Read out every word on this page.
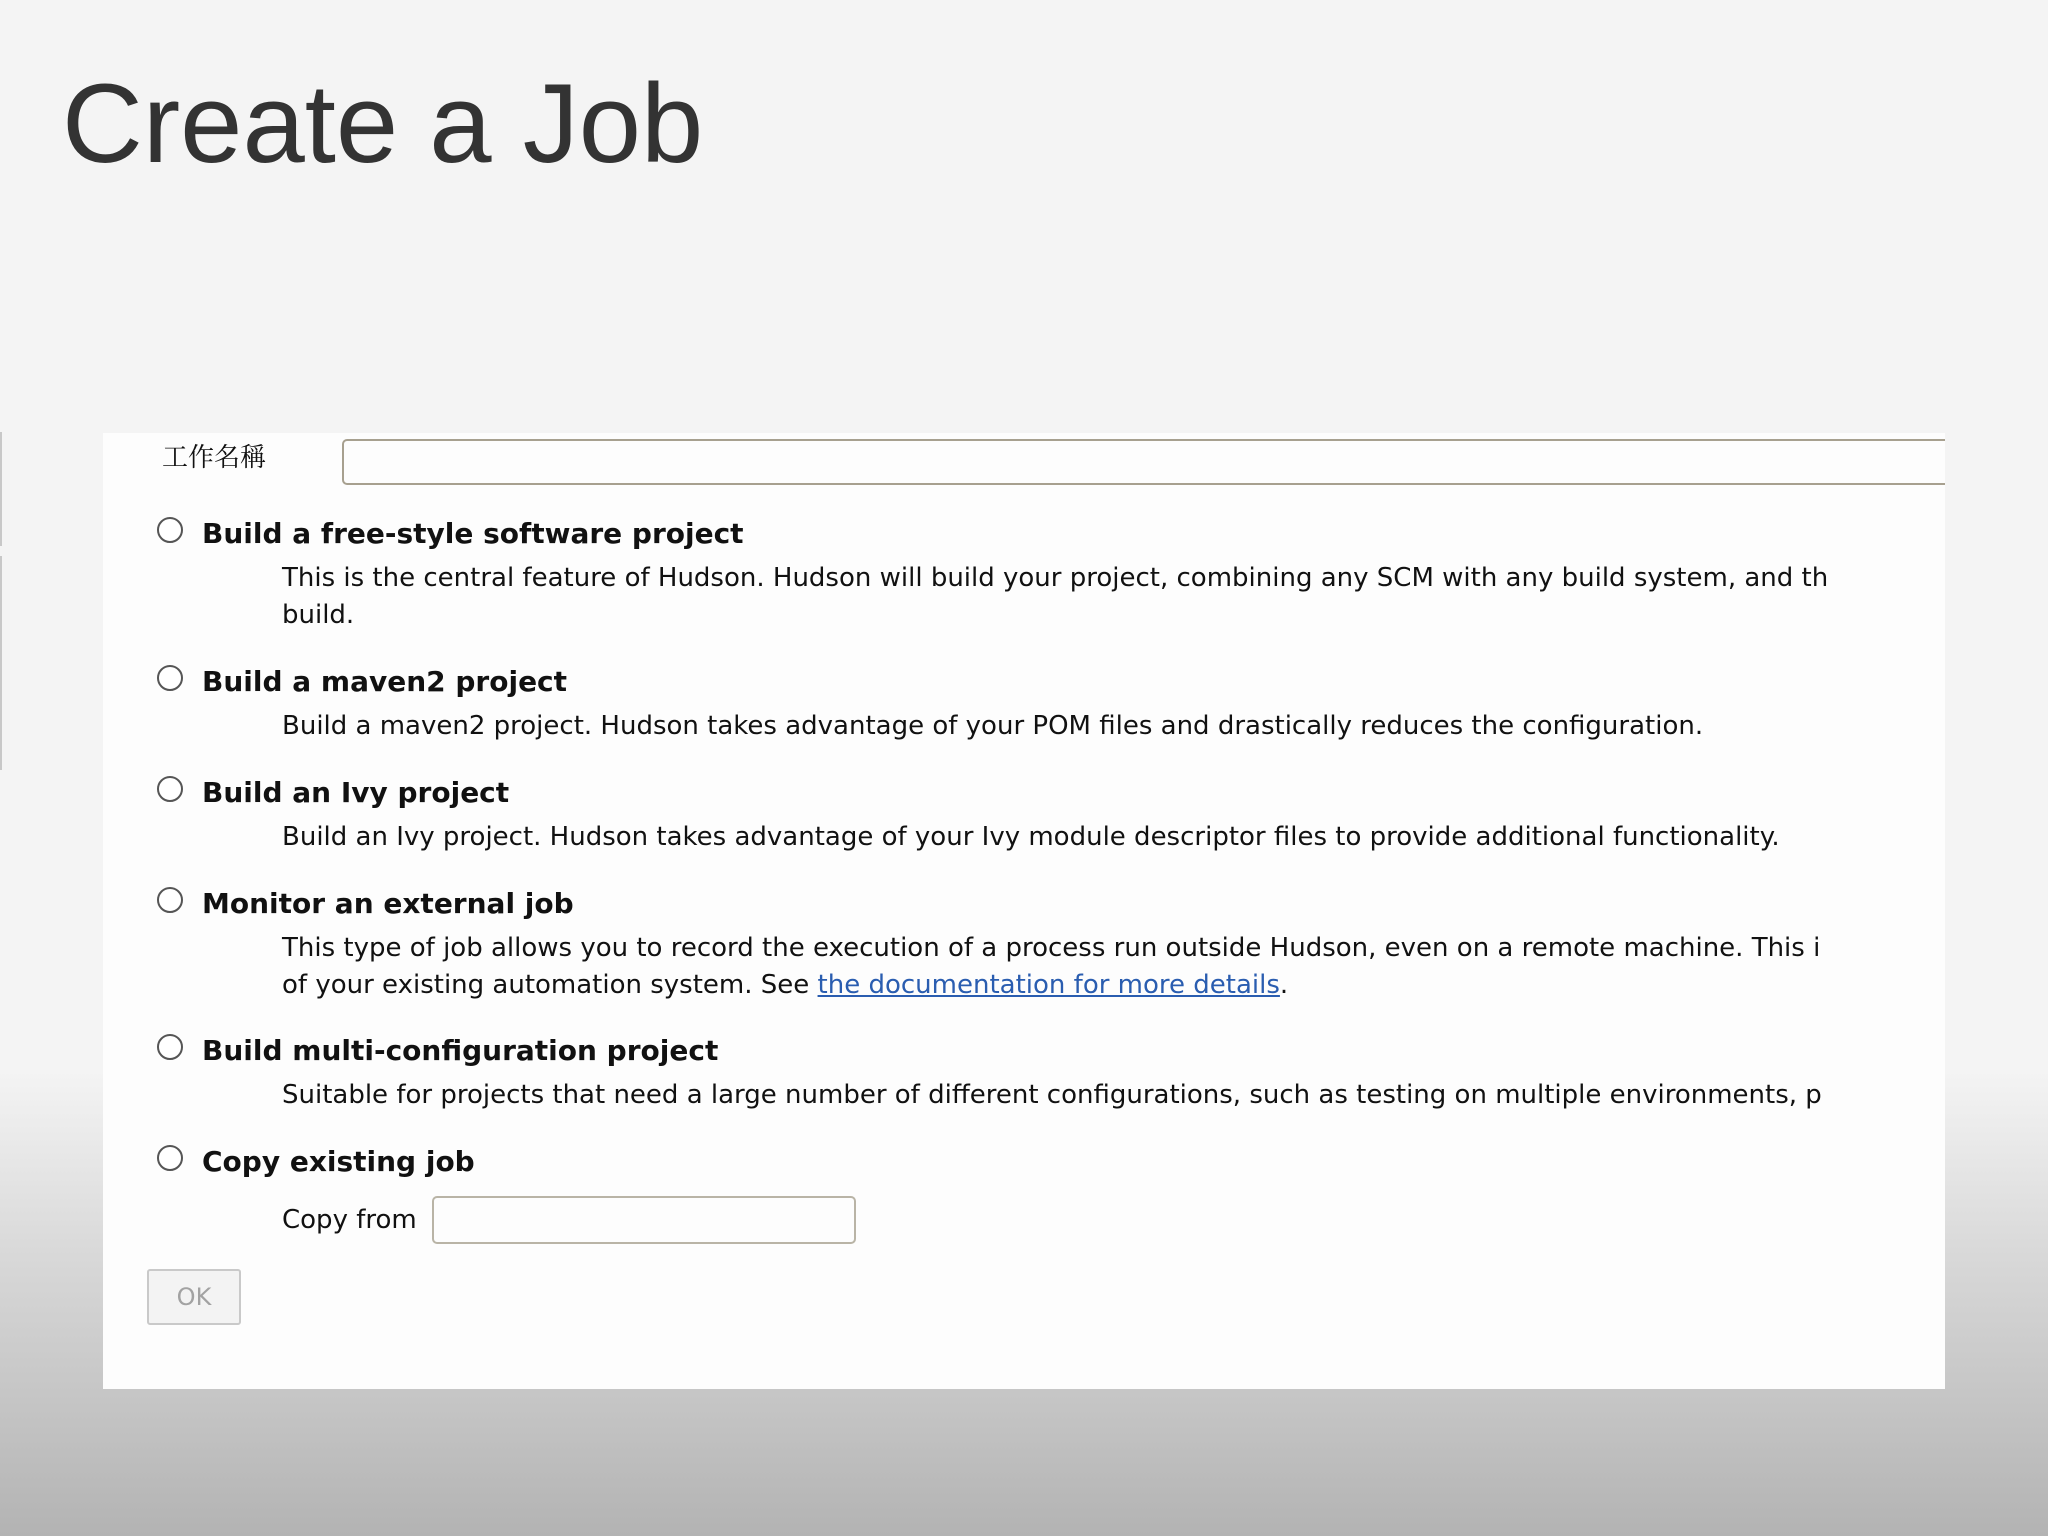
Create a Job
工作名稱
Build a free-style software project
This is the central feature of Hudson. Hudson will build your project, combining any SCM with any build system, and th
build.
Build a maven2 project
Build a maven2 project. Hudson takes advantage of your POM files and drastically reduces the configuration.
Build an Ivy project
Build an Ivy project. Hudson takes advantage of your Ivy module descriptor files to provide additional functionality.
Monitor an external job
This type of job allows you to record the execution of a process run outside Hudson, even on a remote machine. This i
of your existing automation system. See the documentation for more details.
Build multi-configuration project
Suitable for projects that need a large number of different configurations, such as testing on multiple environments, p
Copy existing job
Copy from
OK
